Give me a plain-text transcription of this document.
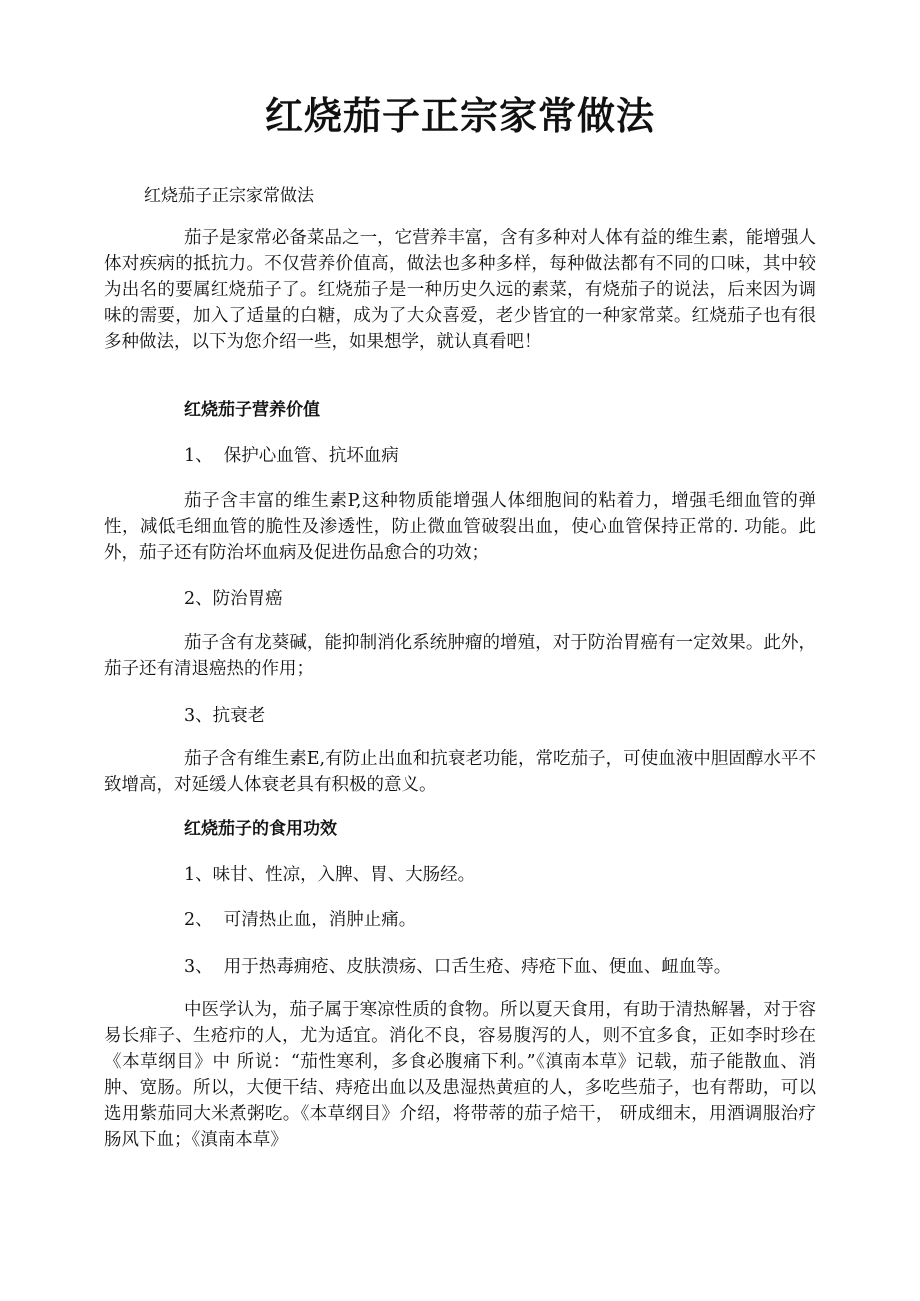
红烧茄子正宗家常做法
红烧茄子正宗家常做法

茄子是家常必备菜品之一，它营养丰富，含有多种对人体有益的维生素，能增强人体对疾病的抵抗力。不仅营养价值高，做法也多种多样，每种做法都有不同的口味，其中较为出名的要属红烧茄子了。红烧茄子是一种历史久远的素菜，有烧茄子的说法，后来因为调味的需要，加入了适量的白糖，成为了大众喜爱，老少皆宜的一种家常菜。红烧茄子也有很多种做法，以下为您介绍一些，如果想学，就认真看吧！

红烧茄子营养价值
1、  保护心血管、抗坏血病

茄子含丰富的维生素P,这种物质能增强人体细胞间的粘着力，增强毛细血管的弹性，减低毛细血管的脆性及渗透性，防止微血管破裂出血，使心血管保持正常的. 功能。此外，茄子还有防治坏血病及促进伤品愈合的功效；

2、防治胃癌

茄子含有龙葵碱，能抑制消化系统肿瘤的增殖，对于防治胃癌有一定效果。此外，茄子还有清退癌热的作用；

3、抗衰老

茄子含有维生素E,有防止出血和抗衰老功能，常吃茄子，可使血液中胆固醇水平不致增高，对延缓人体衰老具有积极的意义。

红烧茄子的食用功效
1、味甘、性凉，入脾、胃、大肠经。
2、  可清热止血，消肿止痛。
3、  用于热毒痈疮、皮肤溃疡、口舌生疮、痔疮下血、便血、衄血等。

中医学认为，茄子属于寒凉性质的食物。所以夏天食用，有助于清热解暑，对于容易长痱子、生疮疖的人，尤为适宜。消化不良，容易腹泻的人，则不宜多食，正如李时珍在《本草纲目》中 所说：“茄性寒利，多食必腹痛下利。”《滇南本草》记载，茄子能散血、消肿、宽肠。所以，大便干结、痔疮出血以及患湿热黄疸的人，多吃些茄子，也有帮助，可以选用紫茄同大米煮粥吃。《本草纲目》介绍，将带蒂的茄子焙干， 研成细末，用酒调服治疗肠风下血；《滇南本草》
